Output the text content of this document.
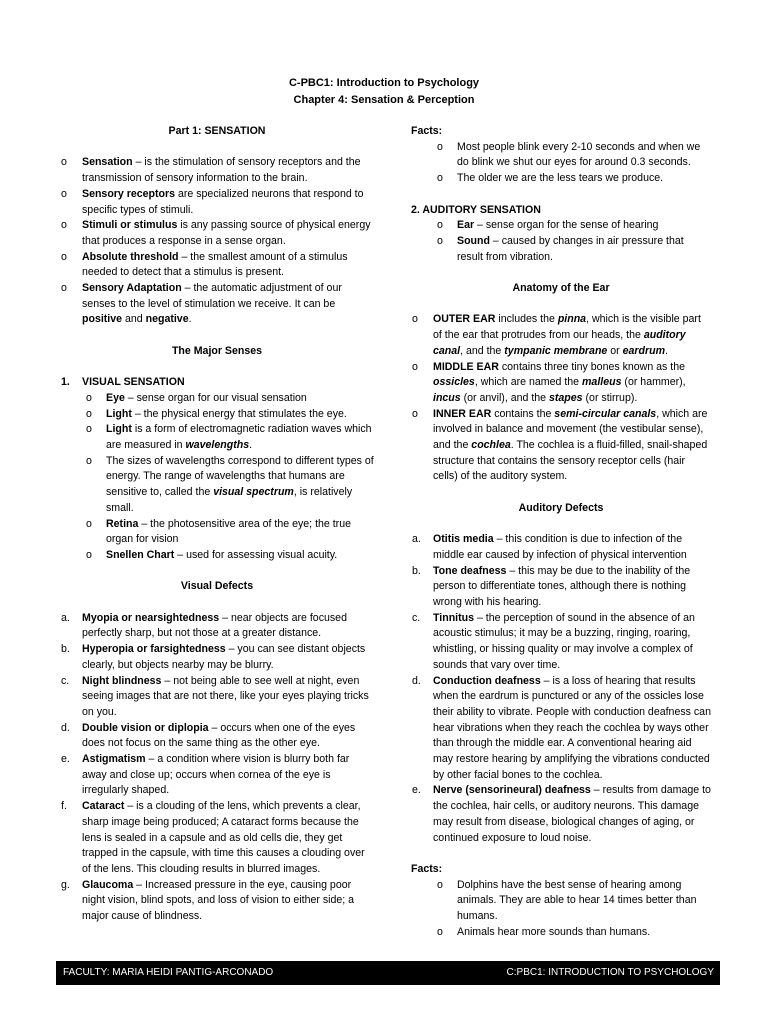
C-PBC1: Introduction to Psychology
Chapter 4: Sensation & Perception
Part 1: SENSATION
o Sensation – is the stimulation of sensory receptors and the transmission of sensory information to the brain.
o Sensory receptors are specialized neurons that respond to specific types of stimuli.
o Stimuli or stimulus is any passing source of physical energy that produces a response in a sense organ.
o Absolute threshold – the smallest amount of a stimulus needed to detect that a stimulus is present.
o Sensory Adaptation – the automatic adjustment of our senses to the level of stimulation we receive. It can be positive and negative.
The Major Senses
1. VISUAL SENSATION
o Eye – sense organ for our visual sensation
o Light – the physical energy that stimulates the eye.
o Light is a form of electromagnetic radiation waves which are measured in wavelengths.
o The sizes of wavelengths correspond to different types of energy. The range of wavelengths that humans are sensitive to, called the visual spectrum, is relatively small.
o Retina – the photosensitive area of the eye; the true organ for vision
o Snellen Chart – used for assessing visual acuity.
Visual Defects
a. Myopia or nearsightedness – near objects are focused perfectly sharp, but not those at a greater distance.
b. Hyperopia or farsightedness – you can see distant objects clearly, but objects nearby may be blurry.
c. Night blindness – not being able to see well at night, even seeing images that are not there, like your eyes playing tricks on you.
d. Double vision or diplopia – occurs when one of the eyes does not focus on the same thing as the other eye.
e. Astigmatism – a condition where vision is blurry both far away and close up; occurs when cornea of the eye is irregularly shaped.
f. Cataract – is a clouding of the lens, which prevents a clear, sharp image being produced; A cataract forms because the lens is sealed in a capsule and as old cells die, they get trapped in the capsule, with time this causes a clouding over of the lens. This clouding results in blurred images.
g. Glaucoma – Increased pressure in the eye, causing poor night vision, blind spots, and loss of vision to either side; a major cause of blindness.
Facts:
o Most people blink every 2-10 seconds and when we do blink we shut our eyes for around 0.3 seconds.
o The older we are the less tears we produce.
2. AUDITORY SENSATION
o Ear – sense organ for the sense of hearing
o Sound – caused by changes in air pressure that result from vibration.
Anatomy of the Ear
o OUTER EAR includes the pinna, which is the visible part of the ear that protrudes from our heads, the auditory canal, and the tympanic membrane or eardrum.
o MIDDLE EAR contains three tiny bones known as the ossicles, which are named the malleus (or hammer), incus (or anvil), and the stapes (or stirrup).
o INNER EAR contains the semi-circular canals, which are involved in balance and movement (the vestibular sense), and the cochlea. The cochlea is a fluid-filled, snail-shaped structure that contains the sensory receptor cells (hair cells) of the auditory system.
Auditory Defects
a. Otitis media – this condition is due to infection of the middle ear caused by infection of physical intervention
b. Tone deafness – this may be due to the inability of the person to differentiate tones, although there is nothing wrong with his hearing.
c. Tinnitus – the perception of sound in the absence of an acoustic stimulus; it may be a buzzing, ringing, roaring, whistling, or hissing quality or may involve a complex of sounds that vary over time.
d. Conduction deafness – is a loss of hearing that results when the eardrum is punctured or any of the ossicles lose their ability to vibrate. People with conduction deafness can hear vibrations when they reach the cochlea by ways other than through the middle ear. A conventional hearing aid may restore hearing by amplifying the vibrations conducted by other facial bones to the cochlea.
e. Nerve (sensorineural) deafness – results from damage to the cochlea, hair cells, or auditory neurons. This damage may result from disease, biological changes of aging, or continued exposure to loud noise.
Facts:
o Dolphins have the best sense of hearing among animals. They are able to hear 14 times better than humans.
o Animals hear more sounds than humans.
FACULTY: MARIA HEIDI PANTIG-ARCONADO	C:PBC1: INTRODUCTION TO PSYCHOLOGY
